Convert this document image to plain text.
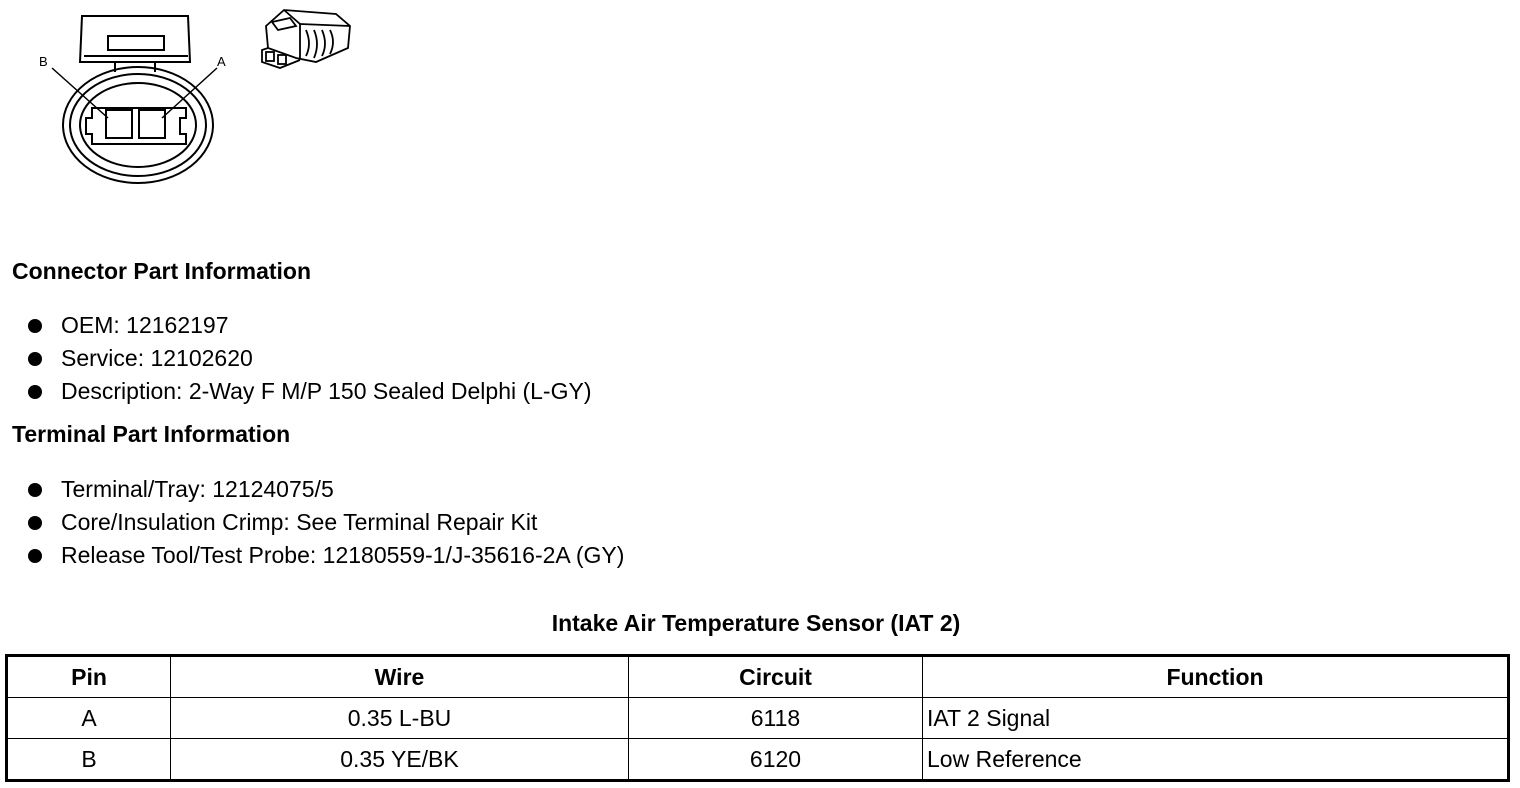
B	A
Connector Part Information
OEM: 12162197
Service: 12102620
Description: 2-Way F M/P 150 Sealed Delphi (L-GY)
Terminal Part Information
Terminal/Tray: 12124075/5
Core/Insulation Crimp: See Terminal Repair Kit
Release Tool/Test Probe: 12180559-1/J-35616-2A (GY)
Intake Air Temperature Sensor (IAT 2)
Pin	Wire	Circuit	Function
A	0.35 L-BU	6118	IAT 2 Signal
B	0.35 YE/BK	6120	Low Reference
